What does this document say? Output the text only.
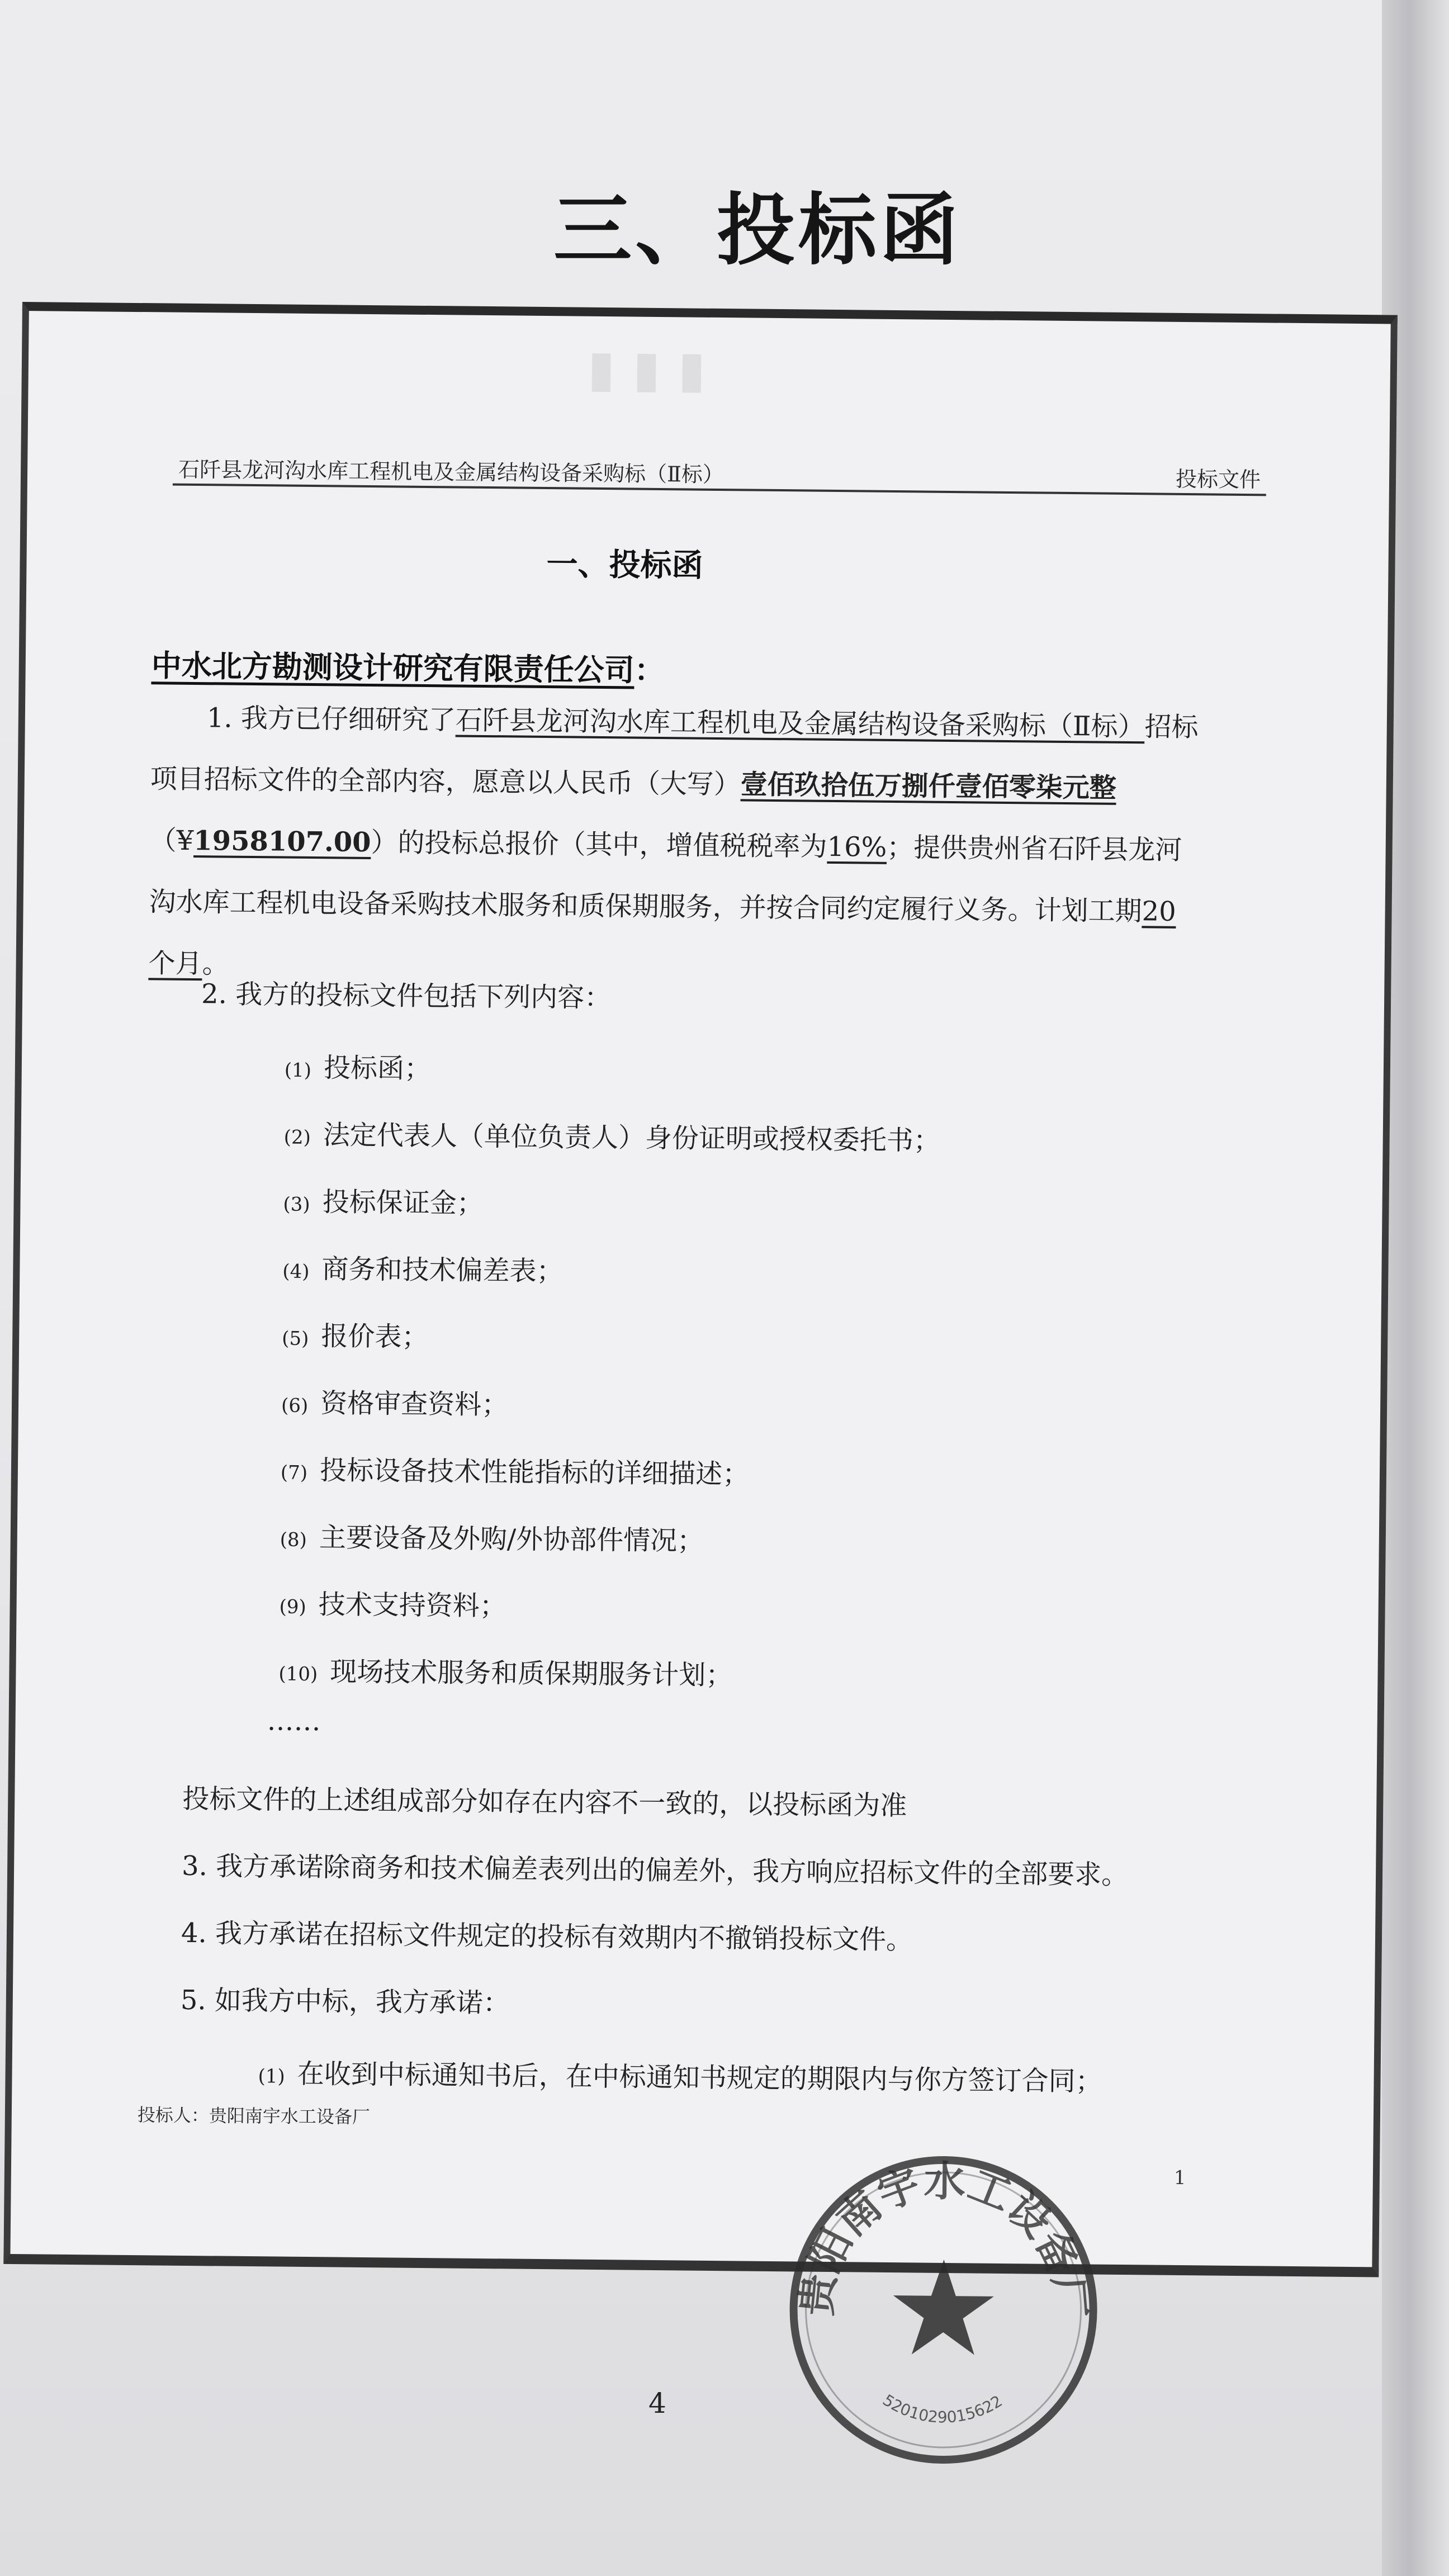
三、投标函
▮ ▮ ▮
石阡县龙河沟水库工程机电及金属结构设备采购标（Ⅱ标）	投标文件
一、投标函
中水北方勘测设计研究有限责任公司：
1. 我方已仔细研究了石阡县龙河沟水库工程机电及金属结构设备采购标（Ⅱ标）招标项目招标文件的全部内容，愿意以人民币（大写）壹佰玖拾伍万捌仟壹佰零柒元整（¥1958107.00）的投标总报价（其中，增值税税率为16%；提供贵州省石阡县龙河沟水库工程机电设备采购技术服务和质保期服务，并按合同约定履行义务。计划工期20个月。
2. 我方的投标文件包括下列内容：
(1) 投标函；
(2) 法定代表人（单位负责人）身份证明或授权委托书；
(3) 投标保证金；
(4) 商务和技术偏差表；
(5) 报价表；
(6) 资格审查资料；
(7) 投标设备技术性能指标的详细描述；
(8) 主要设备及外购/外协部件情况；
(9) 技术支持资料；
(10) 现场技术服务和质保期服务计划；
……
投标文件的上述组成部分如存在内容不一致的，以投标函为准
3. 我方承诺除商务和技术偏差表列出的偏差外，我方响应招标文件的全部要求。
4. 我方承诺在招标文件规定的投标有效期内不撤销投标文件。
5. 如我方中标，我方承诺：
(1) 在收到中标通知书后，在中标通知书规定的期限内与你方签订合同；
投标人：贵阳南宇水工设备厂
1
贵阳南宇水工设备厂
5201029015622
4
